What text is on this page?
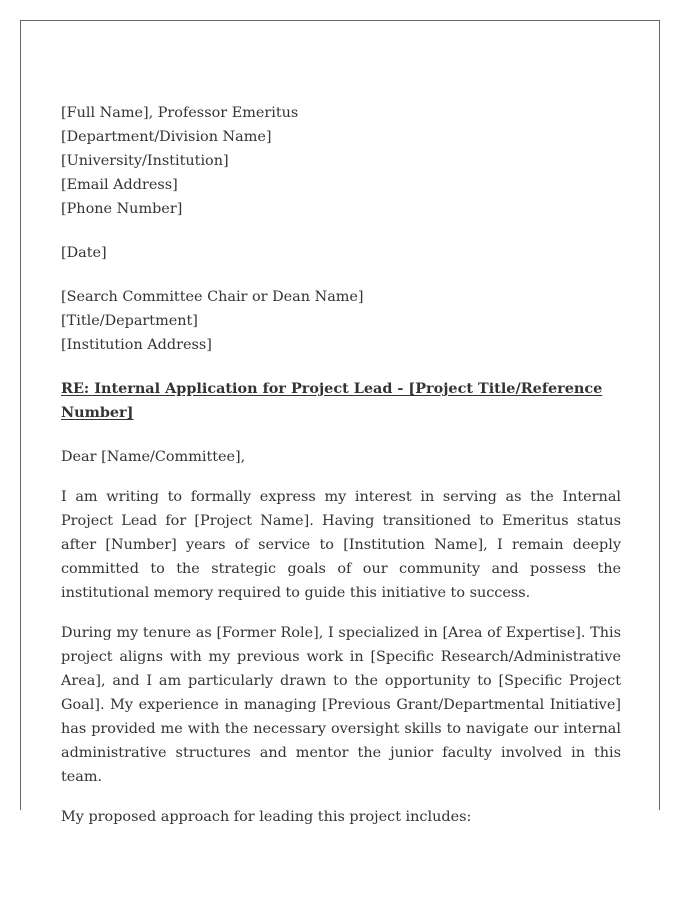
[Full Name], Professor Emeritus
[Department/Division Name]
[University/Institution]
[Email Address]
[Phone Number]
[Date]
[Search Committee Chair or Dean Name]
[Title/Department]
[Institution Address]

RE: Internal Application for Project Lead - [Project Title/Reference Number]

Dear [Name/Committee],

I am writing to formally express my interest in serving as the Internal Project Lead for [Project Name]. Having transitioned to Emeritus status after [Number] years of service to [Institution Name], I remain deeply committed to the strategic goals of our community and possess the institutional memory required to guide this initiative to success.

During my tenure as [Former Role], I specialized in [Area of Expertise]. This project aligns with my previous work in [Specific Research/Administrative Area], and I am particularly drawn to the opportunity to [Specific Project Goal]. My experience in managing [Previous Grant/Departmental Initiative] has provided me with the necessary oversight skills to navigate our internal administrative structures and mentor the junior faculty involved in this team.

My proposed approach for leading this project includes:
